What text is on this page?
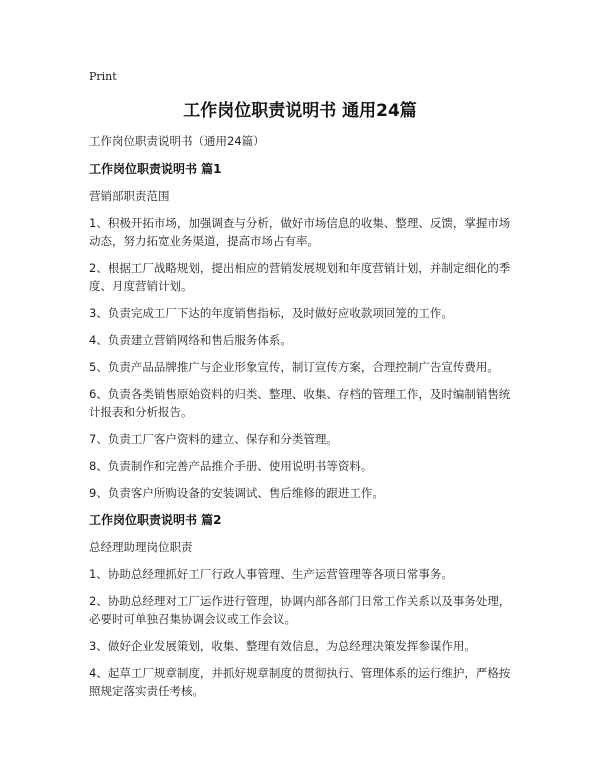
Print
工作岗位职责说明书 通用24篇

工作岗位职责说明书（通用24篇）

工作岗位职责说明书 篇1

营销部职责范围

1、积极开拓市场，加强调查与分析，做好市场信息的收集、整理、反馈，掌握市场动态，努力拓宽业务渠道，提高市场占有率。

2、根据工厂战略规划，提出相应的营销发展规划和年度营销计划，并制定细化的季度、月度营销计划。

3、负责完成工厂下达的年度销售指标，及时做好应收款项回笼的工作。

4、负责建立营销网络和售后服务体系。

5、负责产品品牌推广与企业形象宣传，制订宣传方案，合理控制广告宣传费用。

6、负责各类销售原始资料的归类、整理、收集、存档的管理工作，及时编制销售统计报表和分析报告。

7、负责工厂客户资料的建立、保存和分类管理。

8、负责制作和完善产品推介手册、使用说明书等资料。

9、负责客户所购设备的安装调试、售后维修的跟进工作。

工作岗位职责说明书 篇2

总经理助理岗位职责

1、协助总经理抓好工厂行政人事管理、生产运营管理等各项日常事务。

2、协助总经理对工厂运作进行管理，协调内部各部门日常工作关系以及事务处理，必要时可单独召集协调会议或工作会议。

3、做好企业发展策划，收集、整理有效信息，为总经理决策发挥参谋作用。

4、起草工厂规章制度，并抓好规章制度的贯彻执行、管理体系的运行维护，严格按照规定落实责任考核。
